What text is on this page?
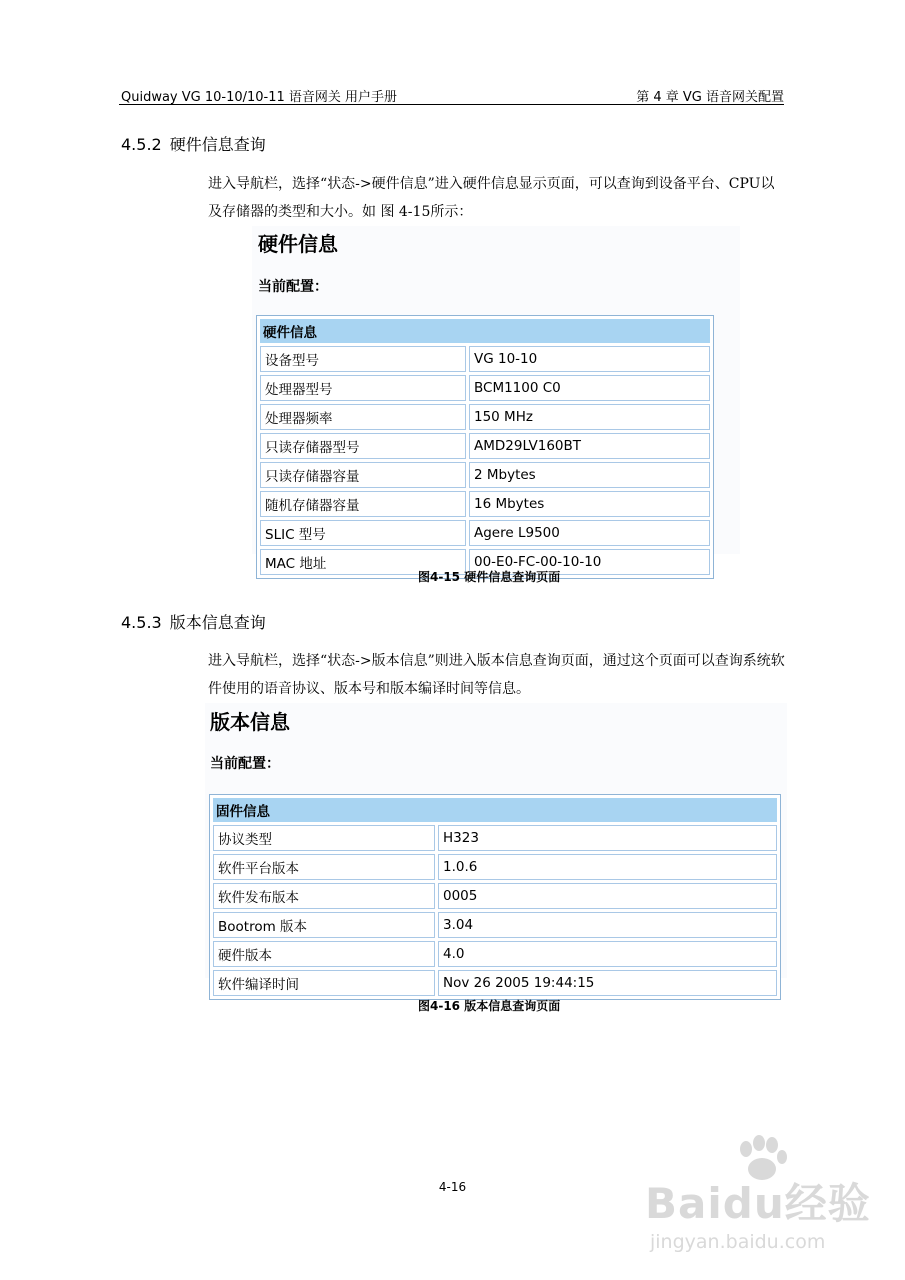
Quidway VG 10-10/10-11 语音网关 用户手册	第 4 章 VG 语音网关配置
4.5.2 硬件信息查询
进入导航栏，选择“状态->硬件信息”进入硬件信息显示页面，可以查询到设备平台、CPU以及存储器的类型和大小。如 图 4-15所示：
硬件信息
当前配置：
硬件信息	
设备型号	VG 10-10
处理器型号	BCM1100 C0
处理器频率	150 MHz
只读存储器型号	AMD29LV160BT
只读存储器容量	2 Mbytes
随机存储器容量	16 Mbytes
SLIC 型号	Agere L9500
MAC 地址	00-E0-FC-00-10-10
图4-15 硬件信息查询页面
4.5.3 版本信息查询
进入导航栏，选择“状态->版本信息”则进入版本信息查询页面，通过这个页面可以查询系统软件使用的语音协议、版本号和版本编译时间等信息。
版本信息
当前配置：
固件信息	
协议类型	H323
软件平台版本	1.0.6
软件发布版本	0005
Bootrom 版本	3.04
硬件版本	4.0
软件编译时间	Nov 26 2005 19:44:15
图4-16 版本信息查询页面
4-16	Baidu经验
jingyan.baidu.com
